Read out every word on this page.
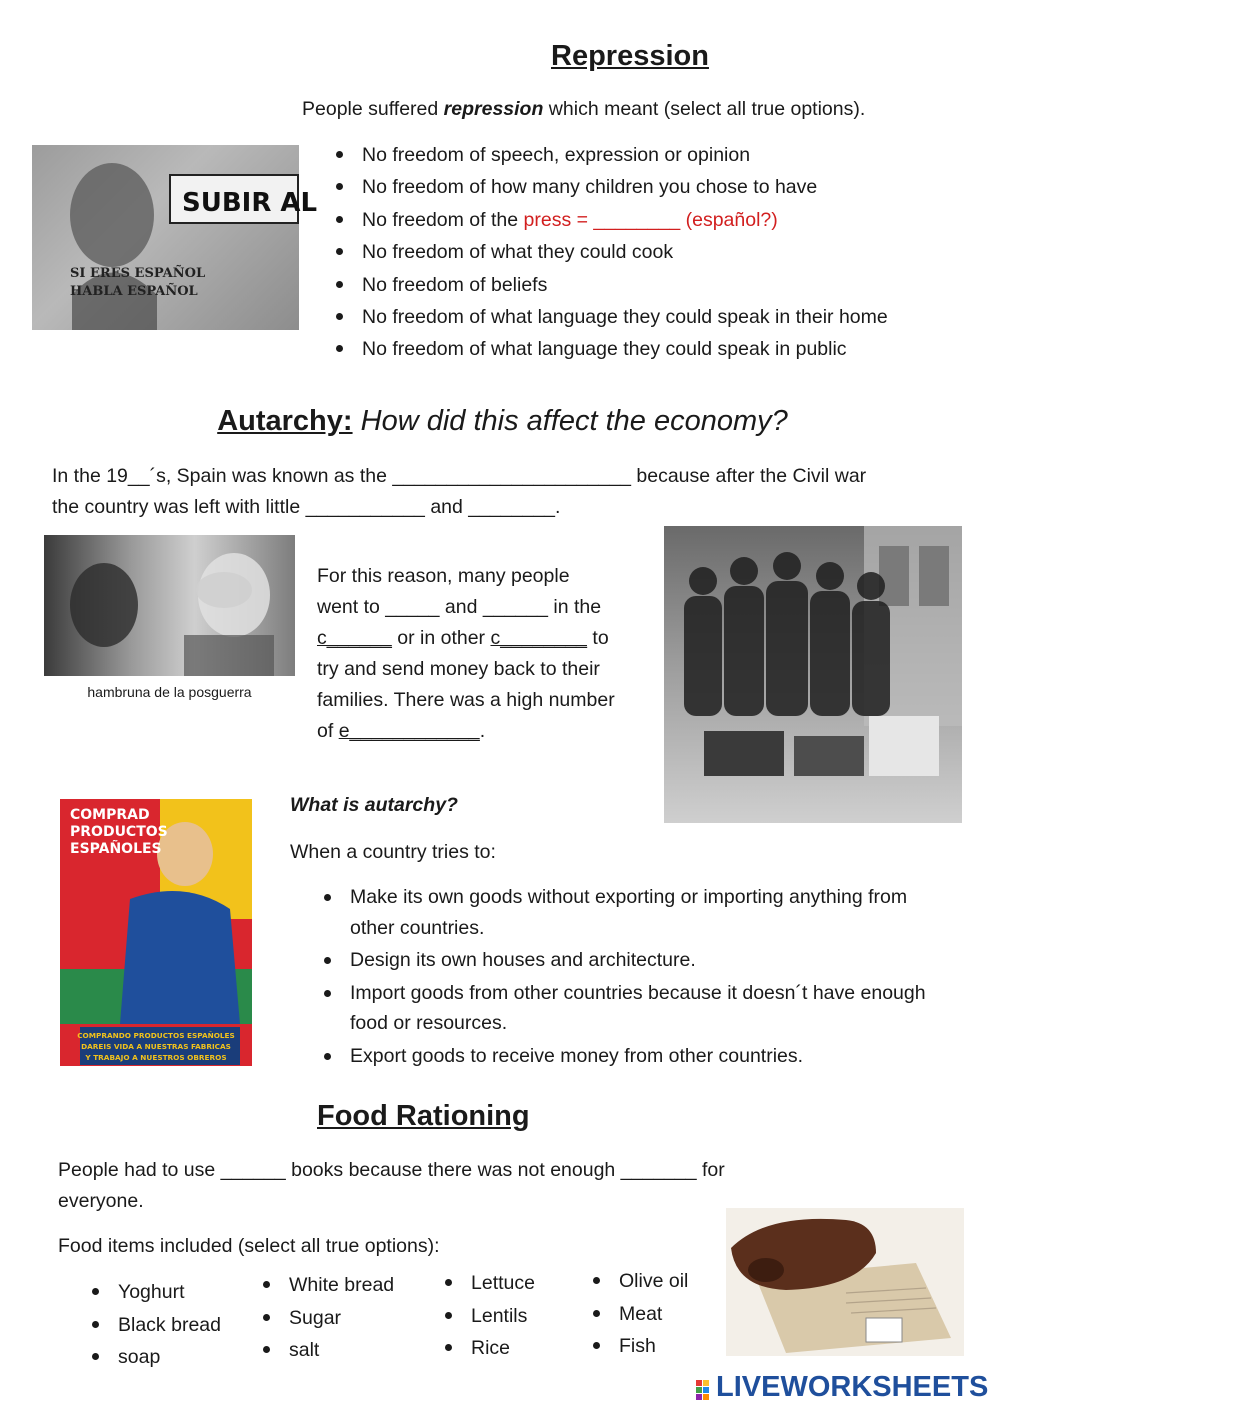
Repression
People suffered repression which meant (select all true options).
SUBIR AL
SI ERES ESPAÑOL
HABLA ESPAÑOL
No freedom of speech, expression or opinion
No freedom of how many children you chose to have
No freedom of the press = ________ (español?)
No freedom of what they could cook
No freedom of beliefs
No freedom of what language they could speak in their home
No freedom of what language they could speak in public
Autarchy: How did this affect the economy?
In the 19__´s, Spain was known as the ______________________ because after the Civil war
the country was left with little ___________ and ________.
hambruna de la posguerra
For this reason, many people
went to _____ and ______ in the
c______ or in other c________ to
try and send money back to their
families. There was a high number
of e____________.
COMPRAD
PRODUCTOS
ESPAÑOLES
COMPRANDO PRODUCTOS ESPAÑOLES
DAREIS VIDA A NUESTRAS FABRICAS
Y TRABAJO A NUESTROS OBREROS
What is autarchy?
When a country tries to:
Make its own goods without exporting or importing anything from other countries.
Design its own houses and architecture.
Import goods from other countries because it doesn´t have enough food or resources.
Export goods to receive money from other countries.
Food Rationing
People had to use ______ books because there was not enough _______ for
everyone.
Food items included (select all true options):
Yoghurt
Black bread
soap
White bread
Sugar
salt
Lettuce
Lentils
Rice
Olive oil
Meat
Fish
LIVEWORKSHEETS
